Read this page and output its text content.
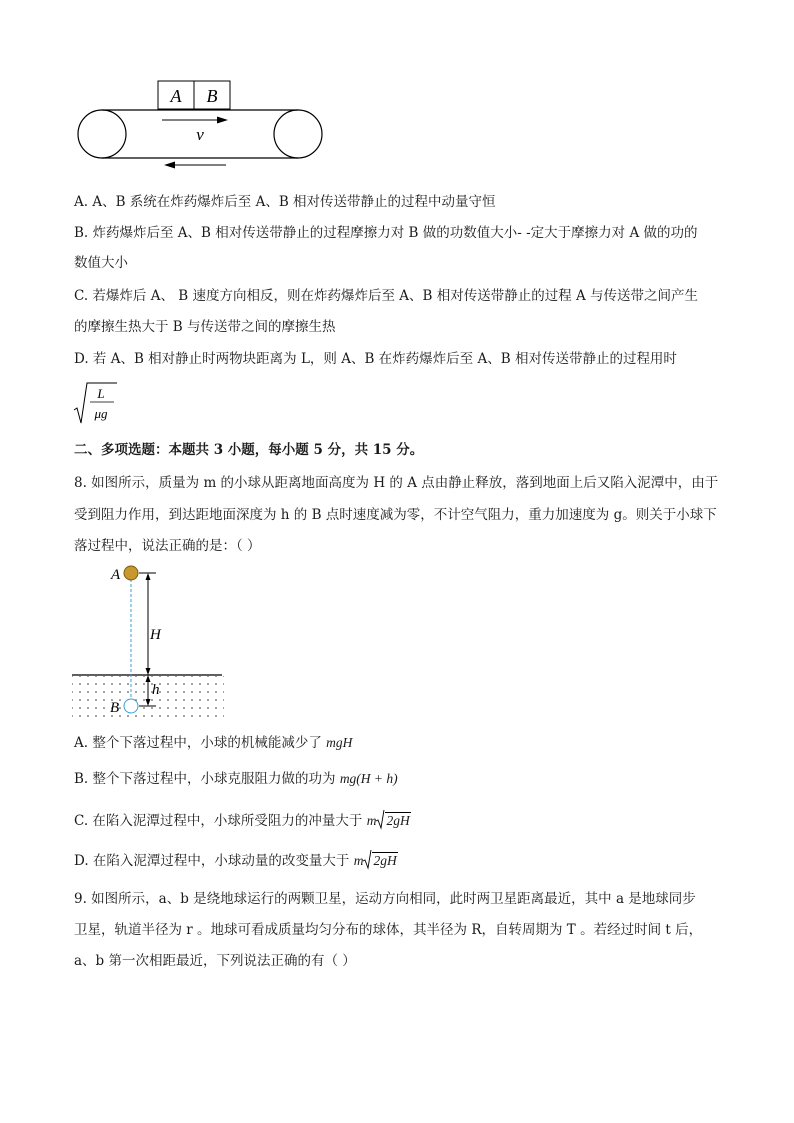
A B
v
A. A、B 系统在炸药爆炸后至 A、B 相对传送带静止的过程中动量守恒
B. 炸药爆炸后至 A、B 相对传送带静止的过程摩擦力对 B 做的功数值大小- -定大于摩擦力对 A 做的功的
数值大小
C. 若爆炸后 A、 B 速度方向相反，则在炸药爆炸后至 A、B 相对传送带静止的过程 A 与传送带之间产生
的摩擦生热大于 B 与传送带之间的摩擦生热
D. 若 A、B 相对静止时两物块距离为 L，则 A、B 在炸药爆炸后至 A、B 相对传送带静止的过程用时
L
μg
二、多项选题：本题共 3 小题，每小题 5 分，共 15 分。
8. 如图所示，质量为 m 的小球从距离地面高度为 H 的 A 点由静止释放，落到地面上后又陷入泥潭中，由于
受到阻力作用，到达距地面深度为 h 的 B 点时速度减为零，不计空气阻力，重力加速度为 g。则关于小球下
落过程中，说法正确的是：（ ）
A
B
H
h
A. 整个下落过程中，小球的机械能减少了 mgH
B. 整个下落过程中，小球克服阻力做的功为 mg(H + h)
C. 在陷入泥潭过程中，小球所受阻力的冲量大于 m 2gH
D. 在陷入泥潭过程中，小球动量的改变量大于 m 2gH
9. 如图所示，a、b 是绕地球运行的两颗卫星，运动方向相同，此时两卫星距离最近，其中 a 是地球同步
卫星，轨道半径为 r 。地球可看成质量均匀分布的球体，其半径为 R，自转周期为 T 。若经过时间 t 后，
a、b 第一次相距最近，下列说法正确的有（ ）
